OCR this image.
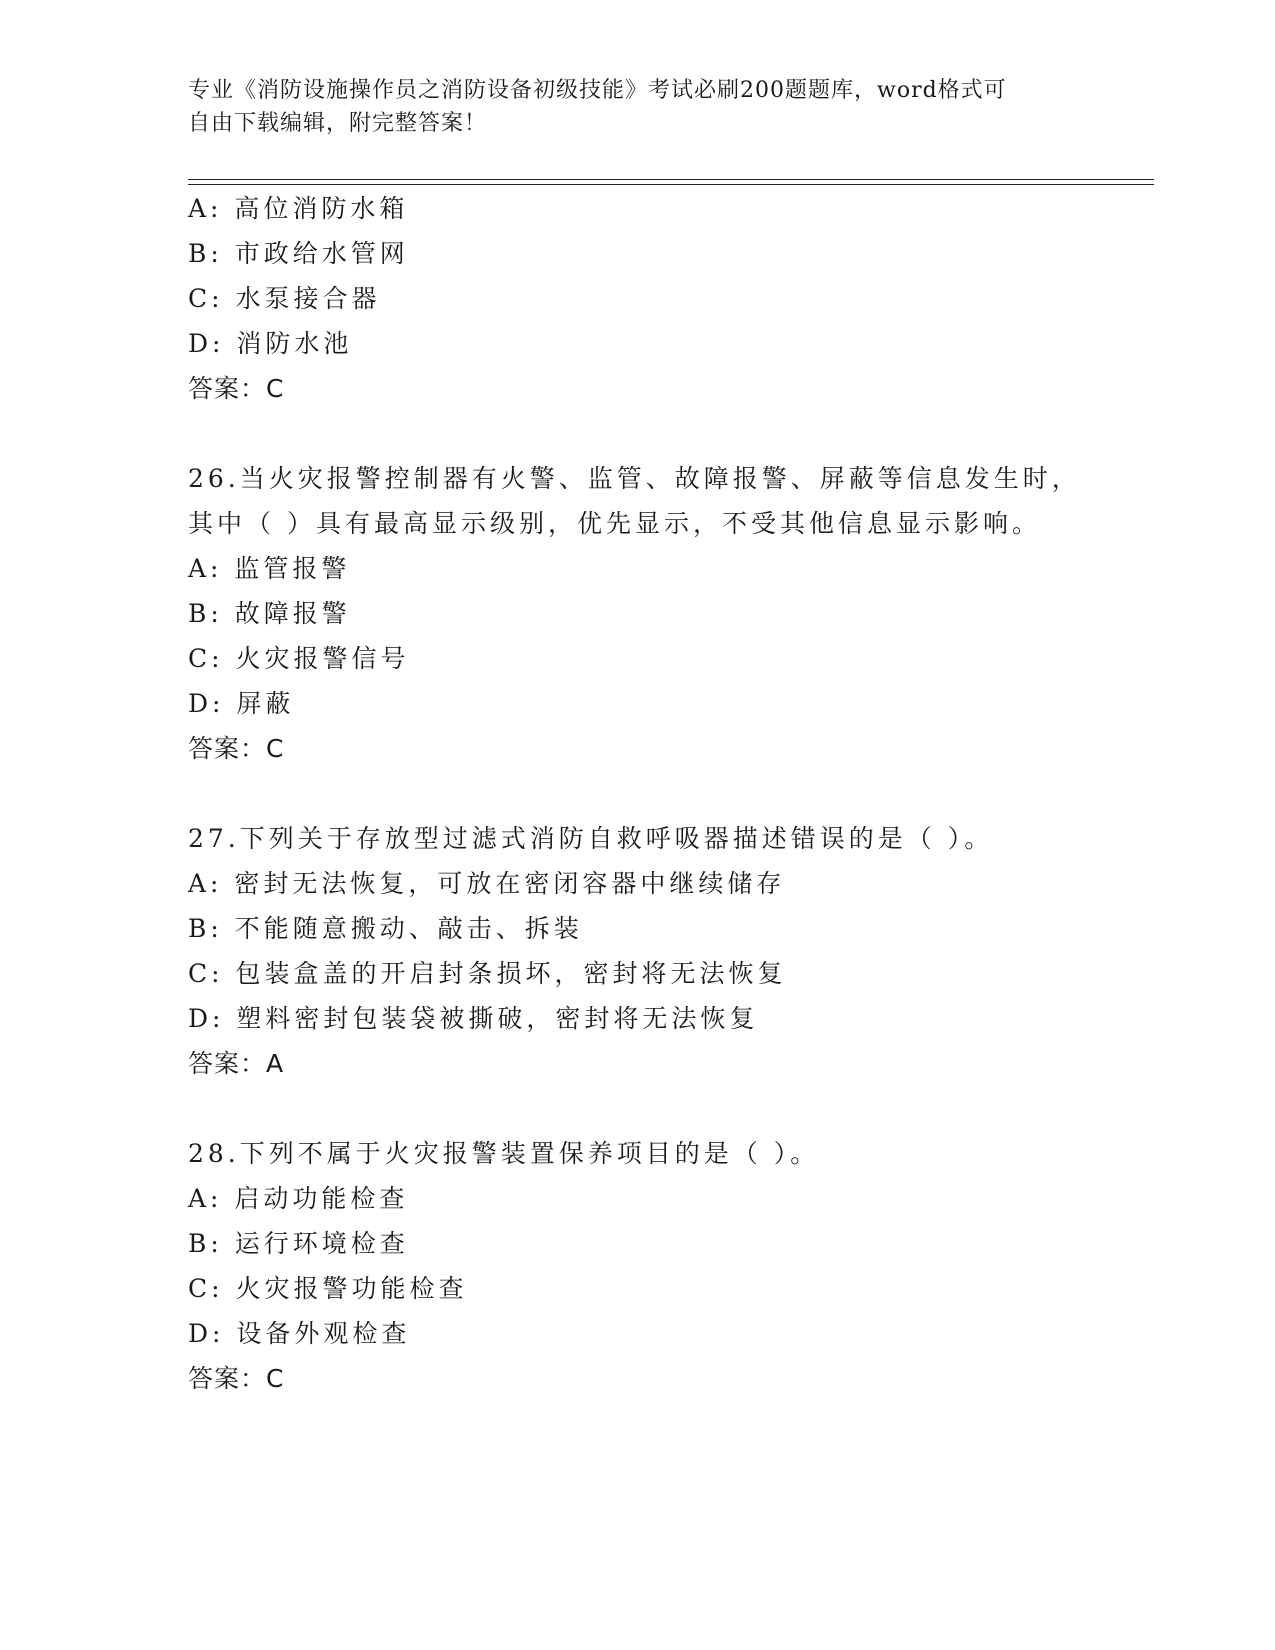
专业《消防设施操作员之消防设备初级技能》考试必刷200题题库，word格式可
自由下载编辑，附完整答案！
A: 高位消防水箱
B: 市政给水管网
C: 水泵接合器
D: 消防水池
答案：C
26.当火灾报警控制器有火警、监管、故障报警、屏蔽等信息发生时，
其中（ ）具有最高显示级别，优先显示，不受其他信息显示影响。
A: 监管报警
B: 故障报警
C: 火灾报警信号
D: 屏蔽
答案：C
27.下列关于存放型过滤式消防自救呼吸器描述错误的是（ ）。
A: 密封无法恢复，可放在密闭容器中继续储存
B: 不能随意搬动、敲击、拆装
C: 包装盒盖的开启封条损坏，密封将无法恢复
D: 塑料密封包装袋被撕破，密封将无法恢复
答案：A
28.下列不属于火灾报警装置保养项目的是（ ）。
A: 启动功能检查
B: 运行环境检查
C: 火灾报警功能检查
D: 设备外观检查
答案：C
